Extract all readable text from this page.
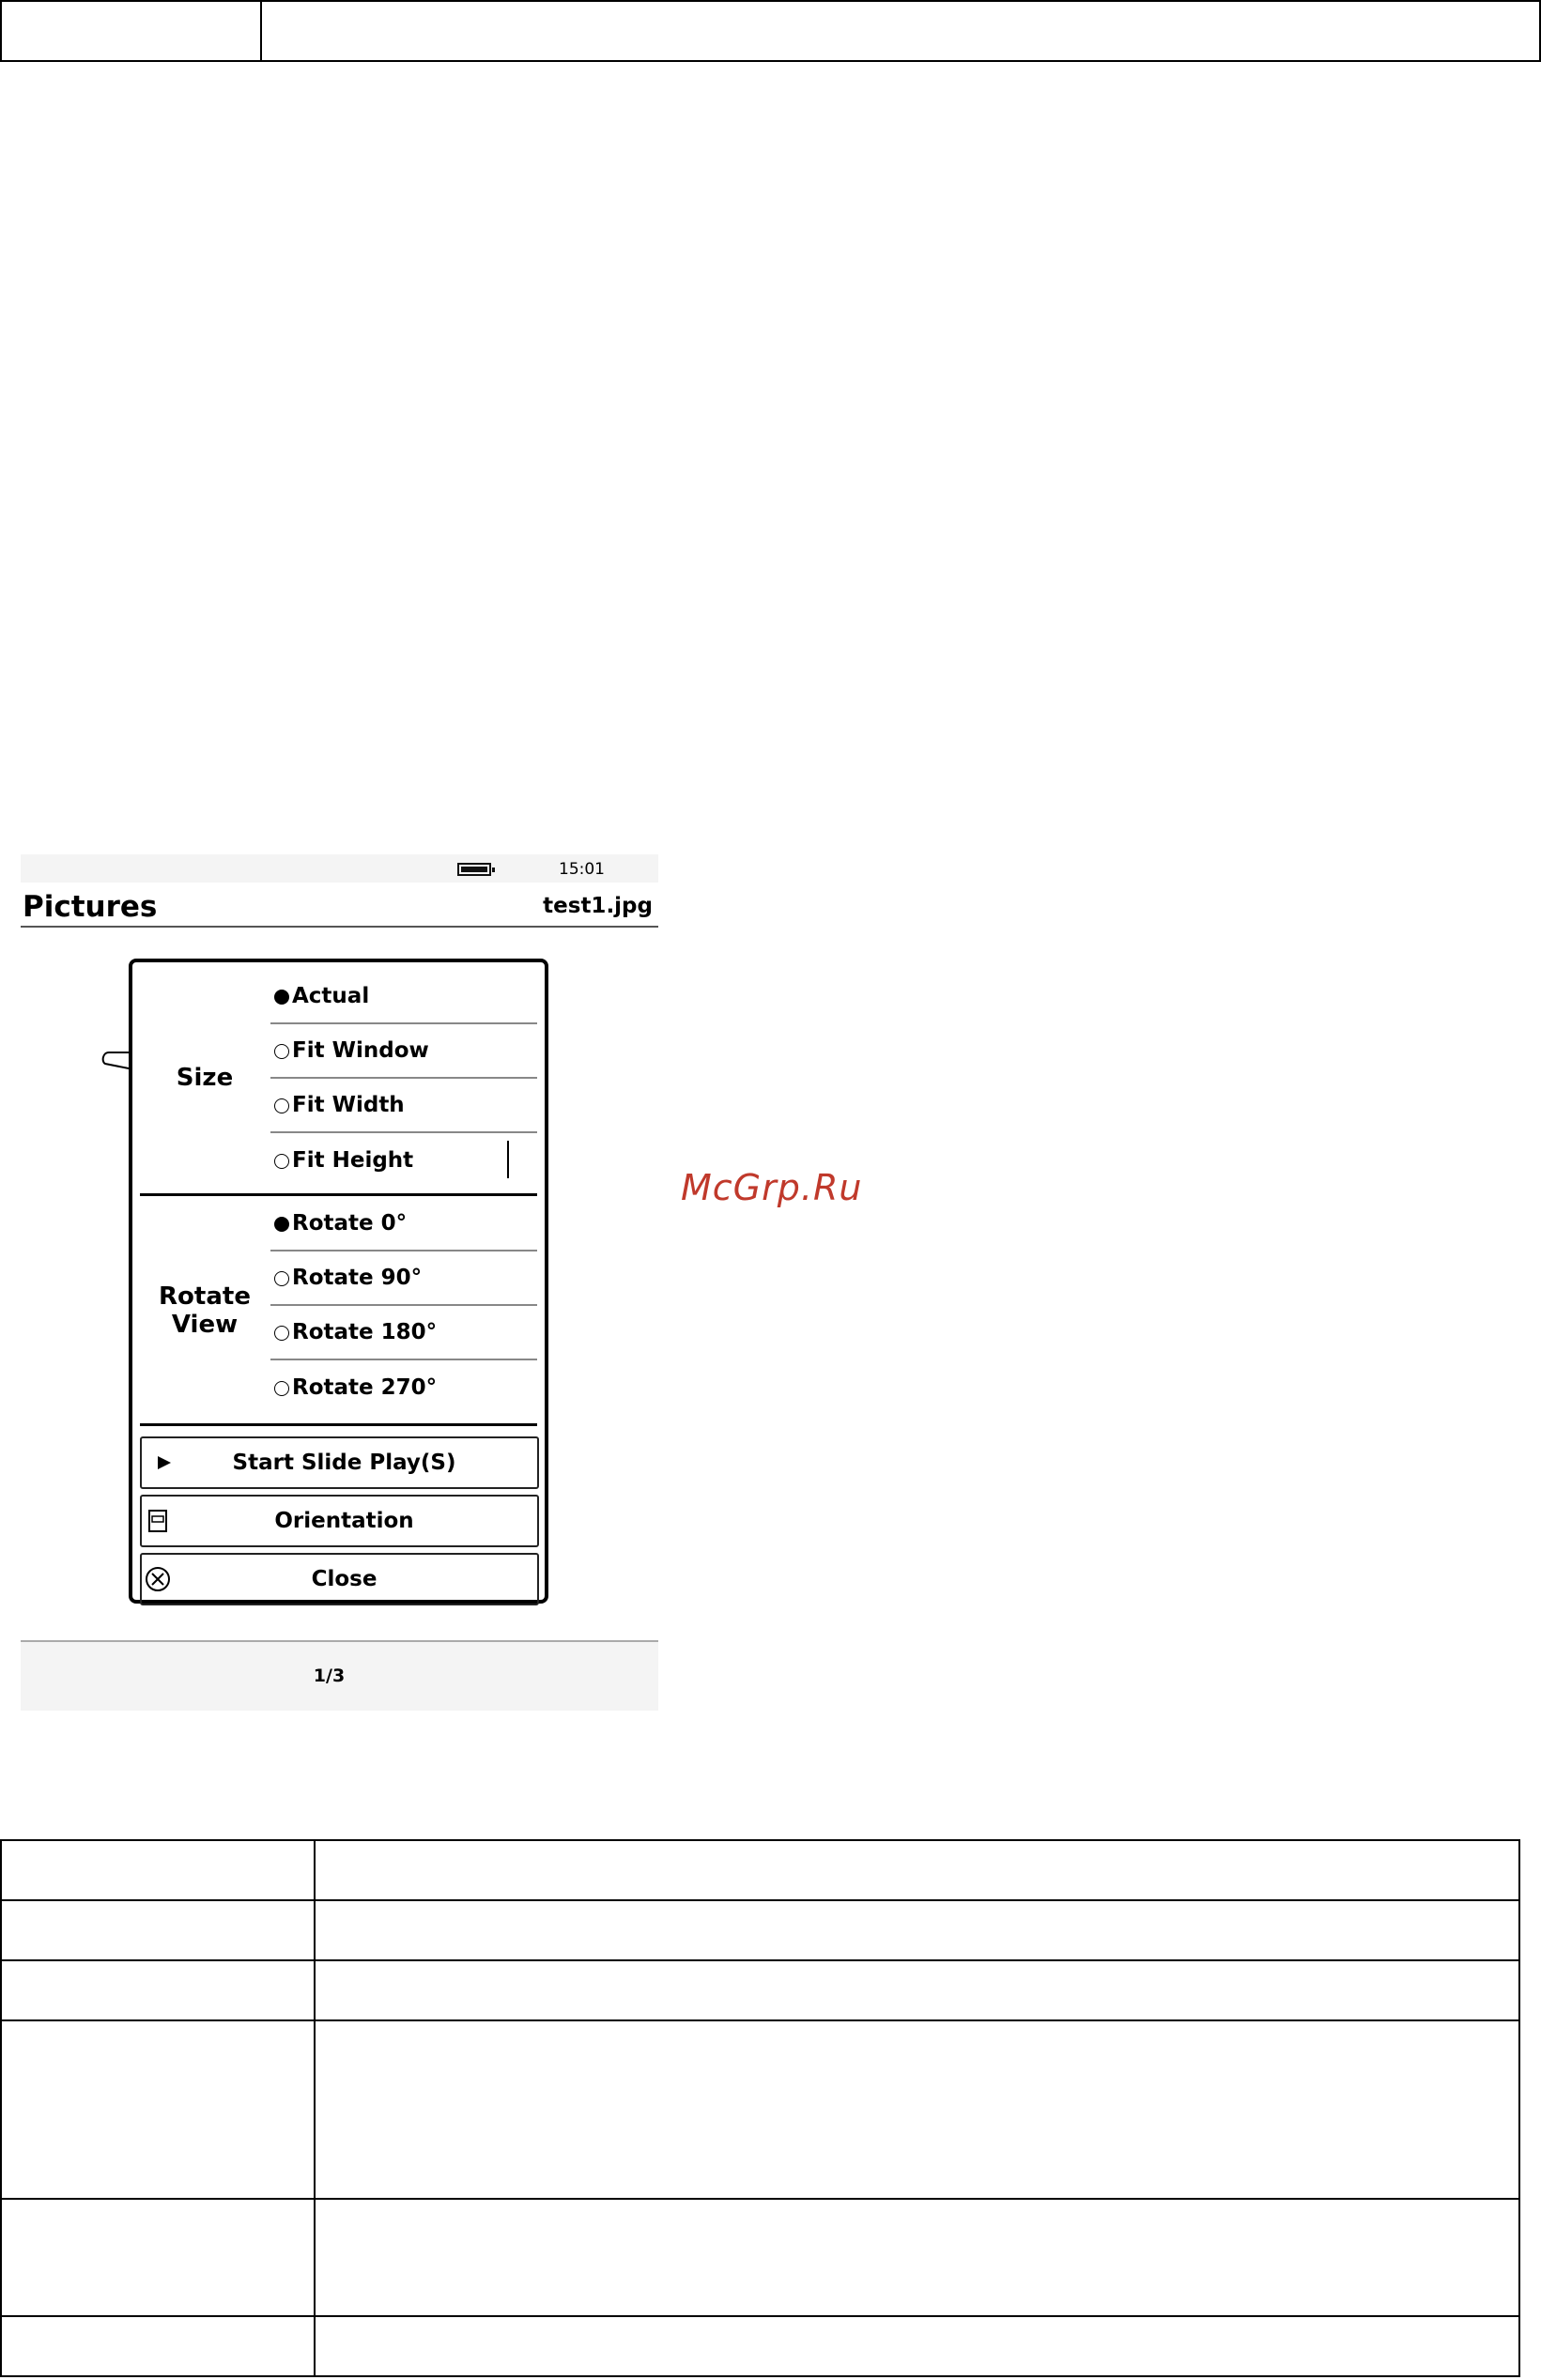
15:01
Pictures	test1.jpg
Size
Actual
Fit Window
Fit Width
Fit Height
Rotate
View
Rotate 0°
Rotate 90°
Rotate 180°
Rotate 270°
Start Slide Play(S)
Orientation
Close
1/3
McGrp.Ru
